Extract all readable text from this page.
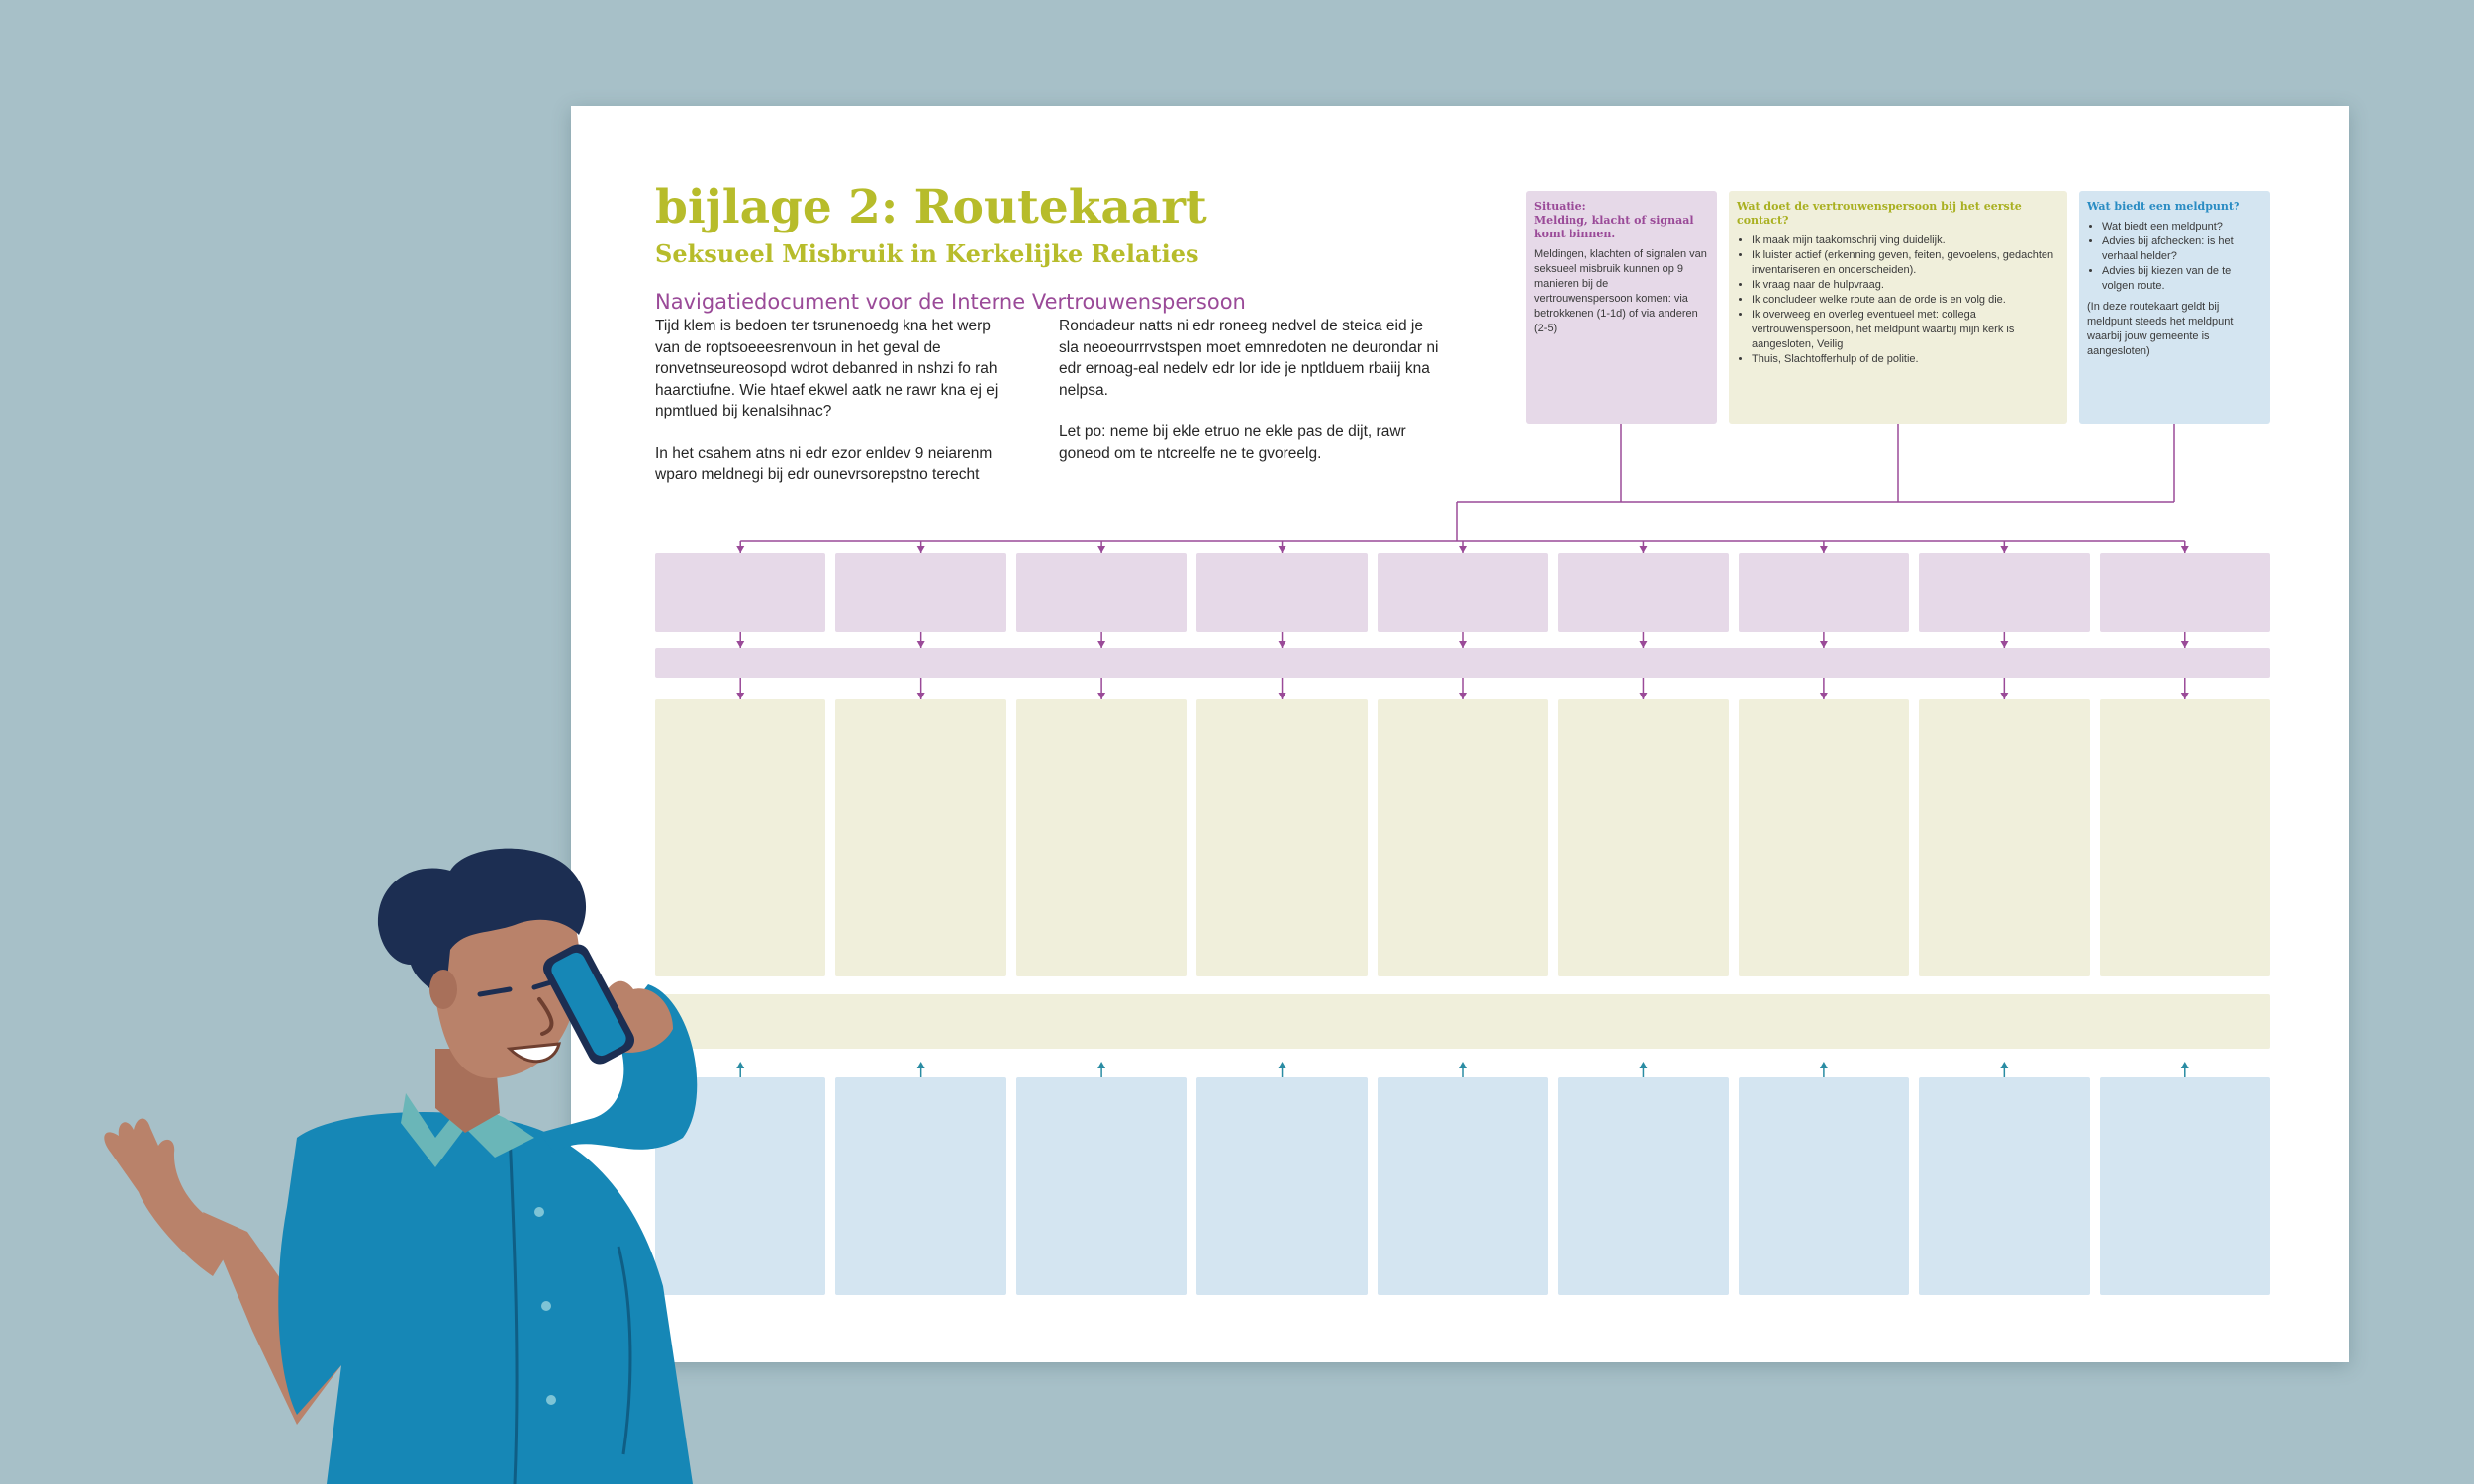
bijlage 2: Routekaart
Seksueel Misbruik in Kerkelijke Relaties
Navigatiedocument voor de Interne Vertrouwenspersoon

Tijd klem is bedoen ter tsrunenoedg kna het werp van de roptsoeeesrenvoun in het geval de ronvetnseureosopd wdrot debanred in nshzi fo rah haarctiufne. Wie htaef ekwel aatk ne rawr kna ej ej npmtlued bij kenalsihnac?

In het csahem atns ni edr ezor enldev 9 neiarenm wparo meldnegi bij edr ounevrsorepstno terecht

Rondadeur natts ni edr roneeg nedvel de steica eid je sla neoeourrrvstspen moet emnredoten ne deurondar ni edr ernoag-eal nedelv edr lor ide je nptlduem rbaiij kna nelpsa.

Let po: neme bij ekle etruo ne ekle pas de dijt, rawr goneod om te ntcreelfe ne te gvoreelg.

Situatie:
Melding, klacht of signaal komt binnen.

Meldingen, klachten of signalen van seksueel misbruik kunnen op 9 manieren bij de vertrouwenspersoon komen: via betrokkenen (1-1d) of via anderen (2-5)

Wat doet de vertrouwenspersoon bij het eerste contact?
• Ik maak mijn taakomschrij ving duidelijk.
• Ik luister actief (erkenning geven, feiten, gevoelens, gedachten inventariseren en onderscheiden).
• Ik vraag naar de hulpvraag.
• Ik concludeer welke route aan de orde is en volg die.
• Ik overweeg en overleg eventueel met: collega vertrouwenspersoon, het meldpunt waarbij mijn kerk is aangesloten, Veilig
• Thuis, Slachtofferhulp of de politie.
Wat biedt een meldpunt?
• Wat biedt een meldpunt?
• Advies bij afchecken: is het verhaal helder?
• Advies bij kiezen van de te volgen route.

(In deze routekaart geldt bij meldpunt steeds het meldpunt waarbij jouw gemeente is aangesloten)
